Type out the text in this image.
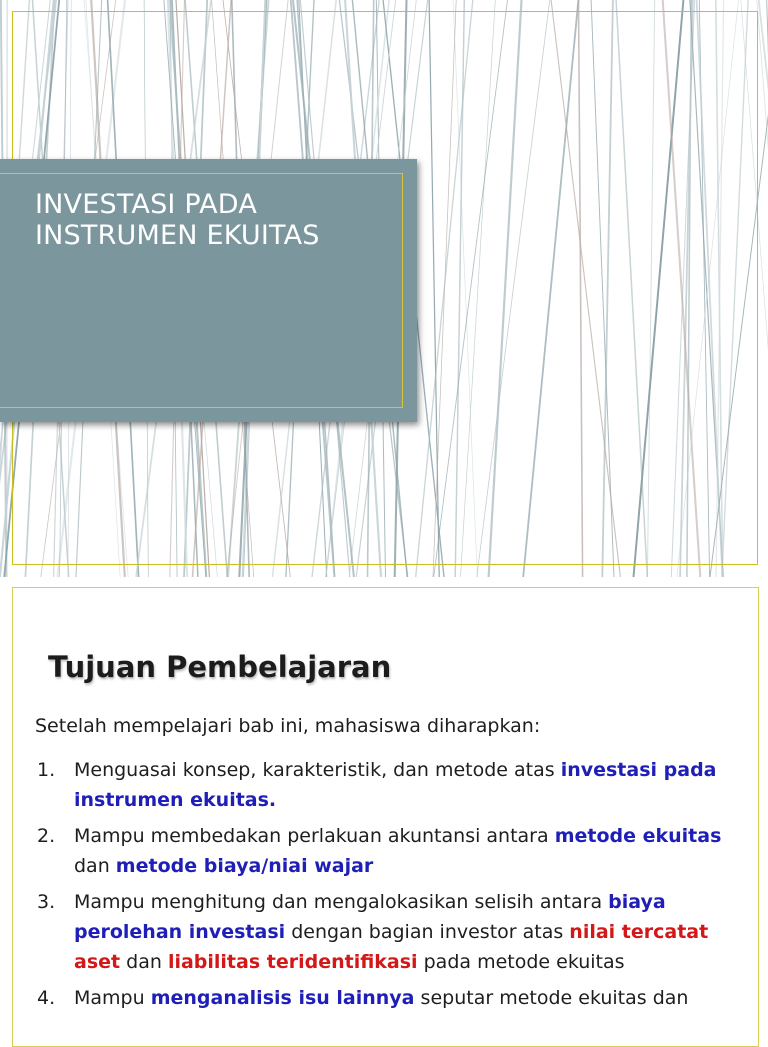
INVESTASI PADA
INSTRUMEN EKUITAS
Tujuan Pembelajaran
Setelah mempelajari bab ini, mahasiswa diharapkan:
1. Menguasai konsep, karakteristik, dan metode atas investasi pada instrumen ekuitas.
2. Mampu membedakan perlakuan akuntansi antara metode ekuitas dan metode biaya/niai wajar
3. Mampu menghitung dan mengalokasikan selisih antara biaya perolehan investasi dengan bagian investor atas nilai tercatat aset dan liabilitas teridentifikasi pada metode ekuitas
4. Mampu menganalisis isu lainnya seputar metode ekuitas dan
